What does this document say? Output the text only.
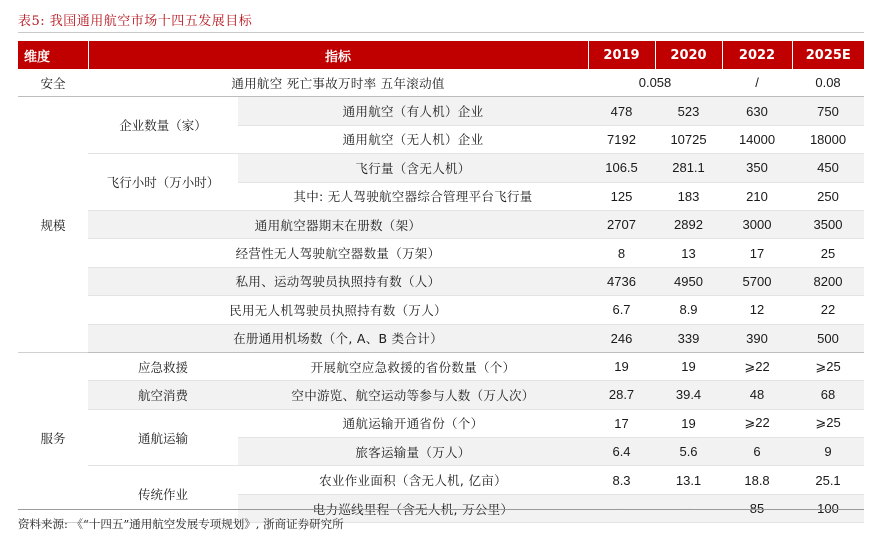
表5: 我国通用航空市场十四五发展目标
维度	指标		2019	2020	2022	2025E
安全	通用航空 死亡事故万时率 五年滚动值		0.058		/	0.08
规模	企业数量（家）	通用航空（有人机）企业	478	523	630	750
		通用航空（无人机）企业	7192	10725	14000	18000
	飞行小时（万小时）	飞行量（含无人机）	106.5	281.1	350	450
		其中: 无人驾驶航空器综合管理平台飞行量	125	183	210	250
	通用航空器期末在册数（架）		2707	2892	3000	3500
	经营性无人驾驶航空器数量（万架）		8	13	17	25
	私用、运动驾驶员执照持有数（人）		4736	4950	5700	8200
	民用无人机驾驶员执照持有数（万人）		6.7	8.9	12	22
	在册通用机场数（个, A、B 类合计）		246	339	390	500
服务	应急救援	开展航空应急救援的省份数量（个）	19	19	⩾22	⩾25
	航空消费	空中游览、航空运动等参与人数（万人次）	28.7	39.4	48	68
	通航运输	通航运输开通省份（个）	17	19	⩾22	⩾25
		旅客运输量（万人）	6.4	5.6	6	9
	传统作业	农业作业面积（含无人机, 亿亩）	8.3	13.1	18.8	25.1
		电力巡线里程（含无人机, 万公里）	-	-	85	100
资料来源: 《“十四五”通用航空发展专项规划》, 浙商证券研究所
